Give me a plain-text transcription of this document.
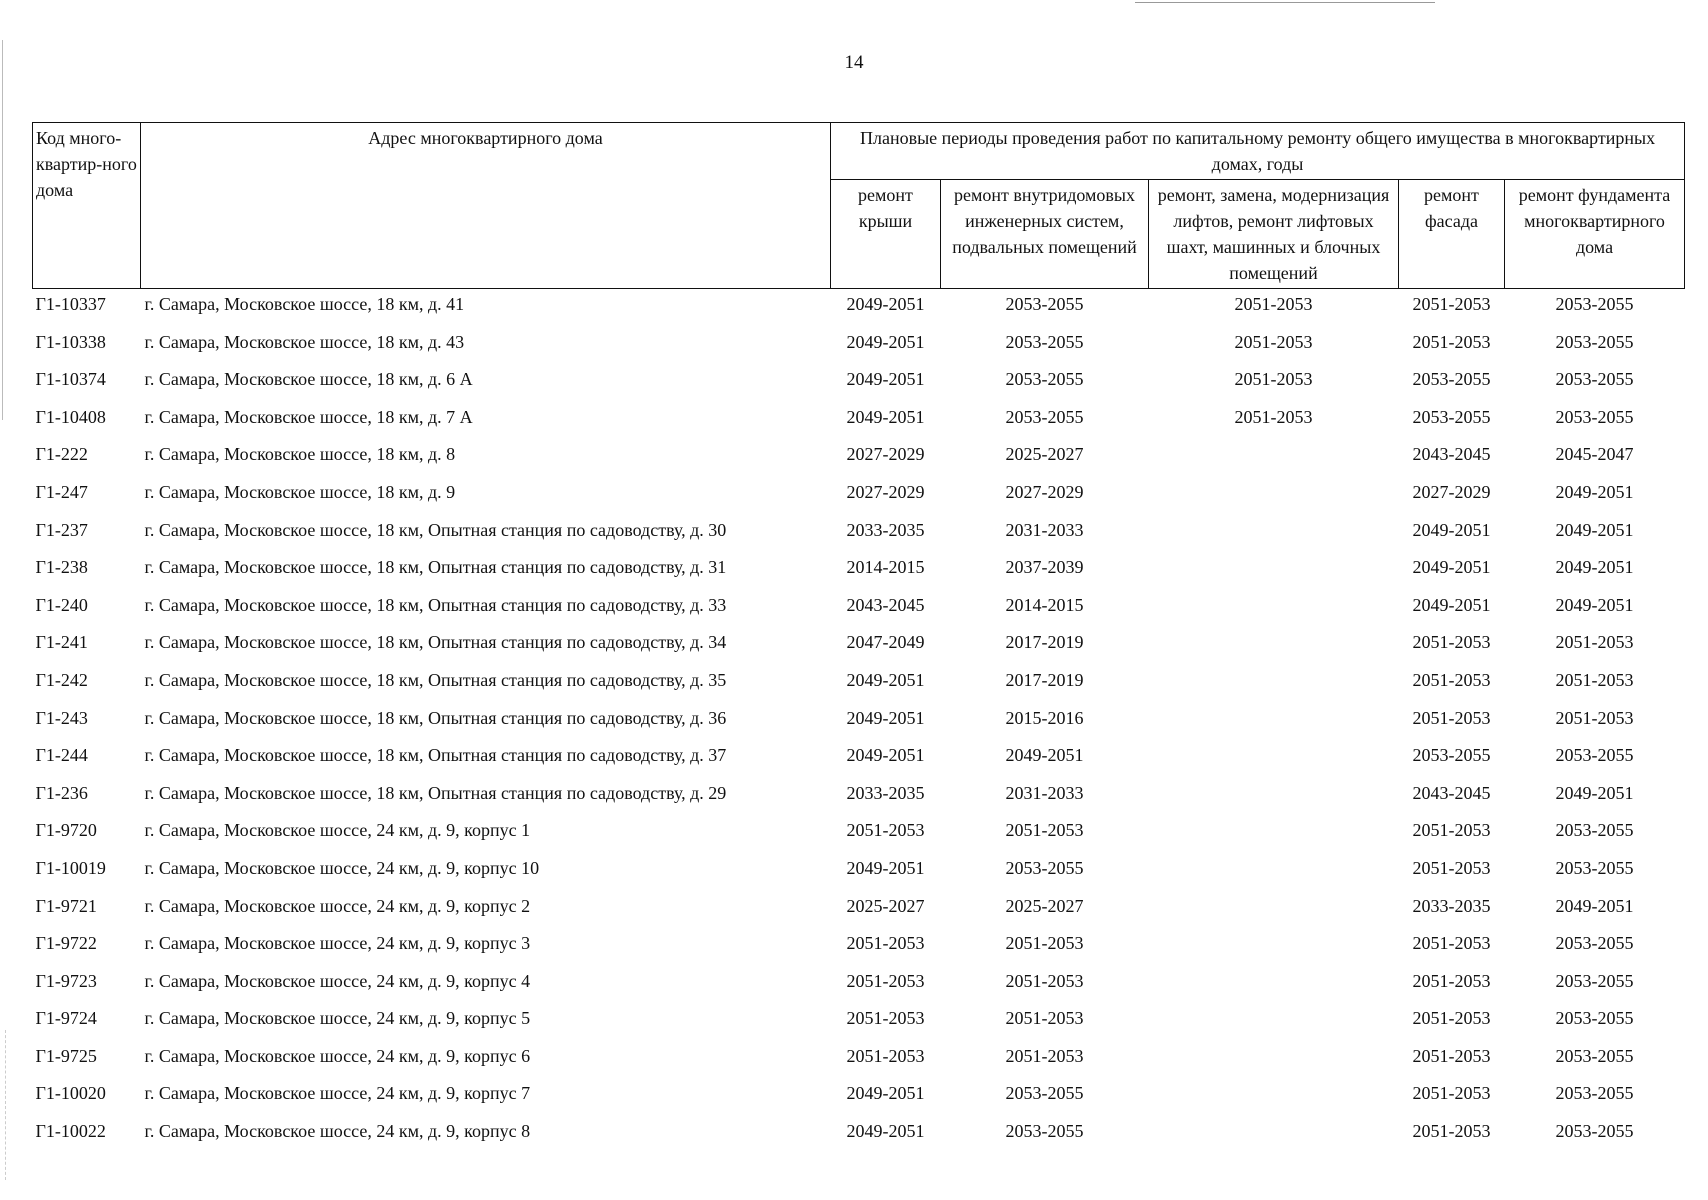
14
Код много-квартир-ного дома	Адрес многоквартирного дома	Плановые периоды проведения работ по капитальному ремонту общего имущества в многоквартирных домах, годы				
		ремонт крыши	ремонт внутридомовых инженерных систем, подвальных помещений	ремонт, замена, модернизация лифтов, ремонт лифтовых шахт, машинных и блочных помещений	ремонт фасада	ремонт фундамента многоквартирного дома
Г1-10337	г. Самара, Московское шоссе, 18 км, д. 41	2049-2051	2053-2055	2051-2053	2051-2053	2053-2055
Г1-10338	г. Самара, Московское шоссе, 18 км, д. 43	2049-2051	2053-2055	2051-2053	2051-2053	2053-2055
Г1-10374	г. Самара, Московское шоссе, 18 км, д. 6 А	2049-2051	2053-2055	2051-2053	2053-2055	2053-2055
Г1-10408	г. Самара, Московское шоссе, 18 км, д. 7 А	2049-2051	2053-2055	2051-2053	2053-2055	2053-2055
Г1-222	г. Самара, Московское шоссе, 18 км, д. 8	2027-2029	2025-2027		2043-2045	2045-2047
Г1-247	г. Самара, Московское шоссе, 18 км, д. 9	2027-2029	2027-2029		2027-2029	2049-2051
Г1-237	г. Самара, Московское шоссе, 18 км, Опытная станция по садоводству, д. 30	2033-2035	2031-2033		2049-2051	2049-2051
Г1-238	г. Самара, Московское шоссе, 18 км, Опытная станция по садоводству, д. 31	2014-2015	2037-2039		2049-2051	2049-2051
Г1-240	г. Самара, Московское шоссе, 18 км, Опытная станция по садоводству, д. 33	2043-2045	2014-2015		2049-2051	2049-2051
Г1-241	г. Самара, Московское шоссе, 18 км, Опытная станция по садоводству, д. 34	2047-2049	2017-2019		2051-2053	2051-2053
Г1-242	г. Самара, Московское шоссе, 18 км, Опытная станция по садоводству, д. 35	2049-2051	2017-2019		2051-2053	2051-2053
Г1-243	г. Самара, Московское шоссе, 18 км, Опытная станция по садоводству, д. 36	2049-2051	2015-2016		2051-2053	2051-2053
Г1-244	г. Самара, Московское шоссе, 18 км, Опытная станция по садоводству, д. 37	2049-2051	2049-2051		2053-2055	2053-2055
Г1-236	г. Самара, Московское шоссе, 18 км, Опытная станция по садоводству, д. 29	2033-2035	2031-2033		2043-2045	2049-2051
Г1-9720	г. Самара, Московское шоссе, 24 км, д. 9, корпус 1	2051-2053	2051-2053		2051-2053	2053-2055
Г1-10019	г. Самара, Московское шоссе, 24 км, д. 9, корпус 10	2049-2051	2053-2055		2051-2053	2053-2055
Г1-9721	г. Самара, Московское шоссе, 24 км, д. 9, корпус 2	2025-2027	2025-2027		2033-2035	2049-2051
Г1-9722	г. Самара, Московское шоссе, 24 км, д. 9, корпус 3	2051-2053	2051-2053		2051-2053	2053-2055
Г1-9723	г. Самара, Московское шоссе, 24 км, д. 9, корпус 4	2051-2053	2051-2053		2051-2053	2053-2055
Г1-9724	г. Самара, Московское шоссе, 24 км, д. 9, корпус 5	2051-2053	2051-2053		2051-2053	2053-2055
Г1-9725	г. Самара, Московское шоссе, 24 км, д. 9, корпус 6	2051-2053	2051-2053		2051-2053	2053-2055
Г1-10020	г. Самара, Московское шоссе, 24 км, д. 9, корпус 7	2049-2051	2053-2055		2051-2053	2053-2055
Г1-10022	г. Самара, Московское шоссе, 24 км, д. 9, корпус 8	2049-2051	2053-2055		2051-2053	2053-2055
